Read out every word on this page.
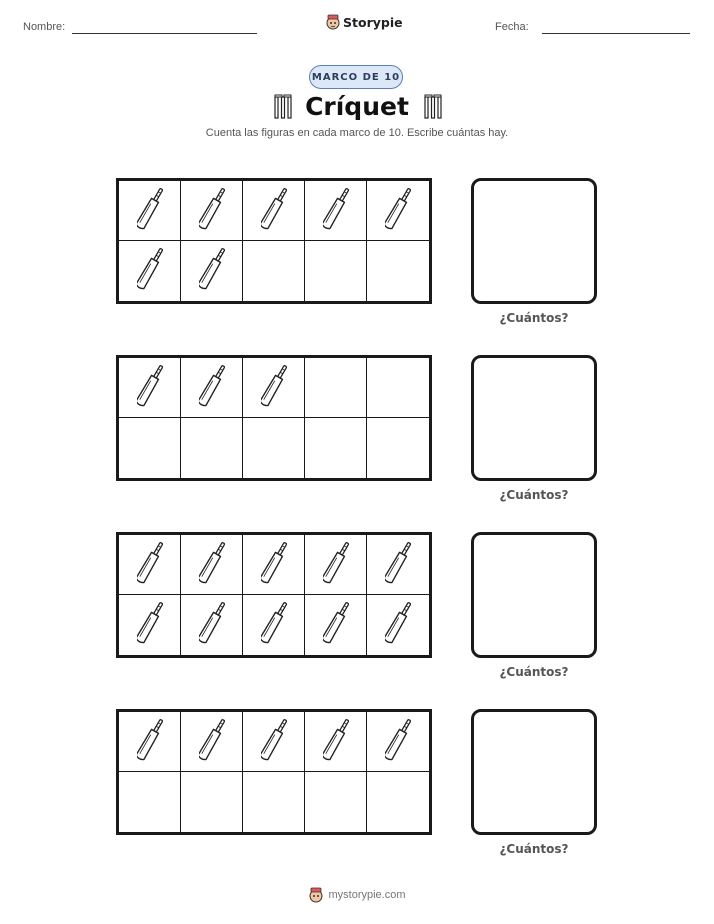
Nombre:	Storypie	Fecha:
MARCO DE 10
Críquet
Cuenta las figuras en cada marco de 10. Escribe cuántas hay.
¿Cuántos?
¿Cuántos?
¿Cuántos?
¿Cuántos?
mystorypie.com
